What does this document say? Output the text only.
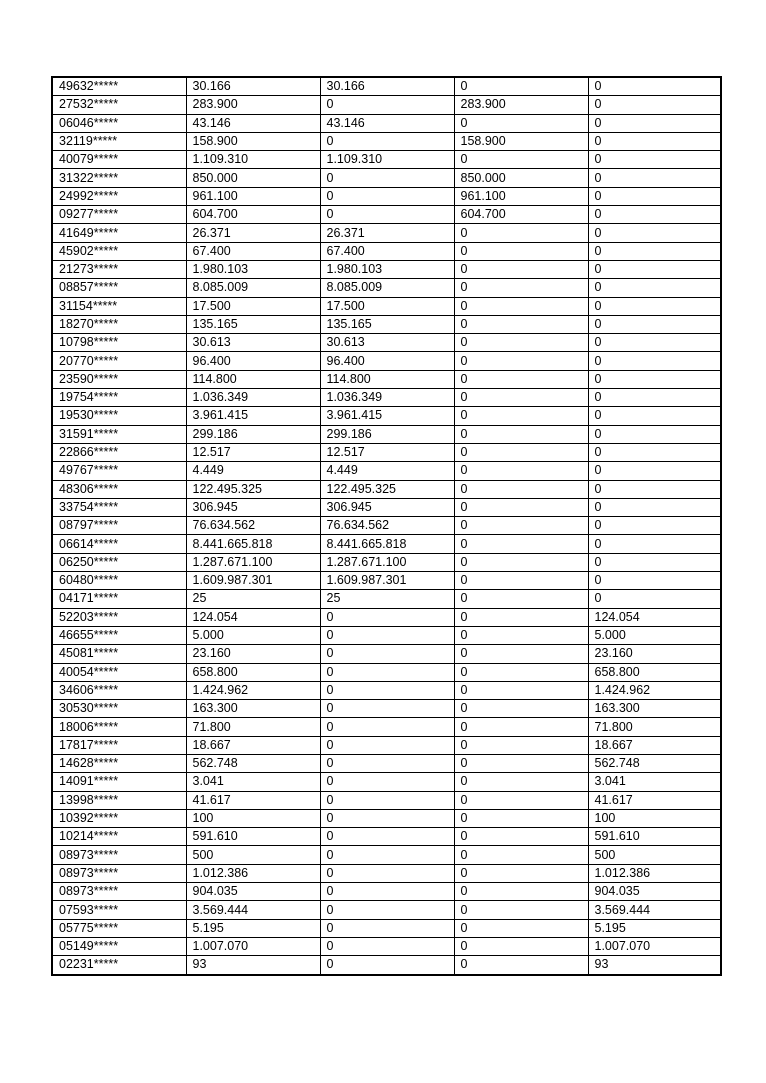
49632*****	30.166	30.166	0	0
27532*****	283.900	0	283.900	0
06046*****	43.146	43.146	0	0
32119*****	158.900	0	158.900	0
40079*****	1.109.310	1.109.310	0	0
31322*****	850.000	0	850.000	0
24992*****	961.100	0	961.100	0
09277*****	604.700	0	604.700	0
41649*****	26.371	26.371	0	0
45902*****	67.400	67.400	0	0
21273*****	1.980.103	1.980.103	0	0
08857*****	8.085.009	8.085.009	0	0
31154*****	17.500	17.500	0	0
18270*****	135.165	135.165	0	0
10798*****	30.613	30.613	0	0
20770*****	96.400	96.400	0	0
23590*****	114.800	114.800	0	0
19754*****	1.036.349	1.036.349	0	0
19530*****	3.961.415	3.961.415	0	0
31591*****	299.186	299.186	0	0
22866*****	12.517	12.517	0	0
49767*****	4.449	4.449	0	0
48306*****	122.495.325	122.495.325	0	0
33754*****	306.945	306.945	0	0
08797*****	76.634.562	76.634.562	0	0
06614*****	8.441.665.818	8.441.665.818	0	0
06250*****	1.287.671.100	1.287.671.100	0	0
60480*****	1.609.987.301	1.609.987.301	0	0
04171*****	25	25	0	0
52203*****	124.054	0	0	124.054
46655*****	5.000	0	0	5.000
45081*****	23.160	0	0	23.160
40054*****	658.800	0	0	658.800
34606*****	1.424.962	0	0	1.424.962
30530*****	163.300	0	0	163.300
18006*****	71.800	0	0	71.800
17817*****	18.667	0	0	18.667
14628*****	562.748	0	0	562.748
14091*****	3.041	0	0	3.041
13998*****	41.617	0	0	41.617
10392*****	100	0	0	100
10214*****	591.610	0	0	591.610
08973*****	500	0	0	500
08973*****	1.012.386	0	0	1.012.386
08973*****	904.035	0	0	904.035
07593*****	3.569.444	0	0	3.569.444
05775*****	5.195	0	0	5.195
05149*****	1.007.070	0	0	1.007.070
02231*****	93	0	0	93
